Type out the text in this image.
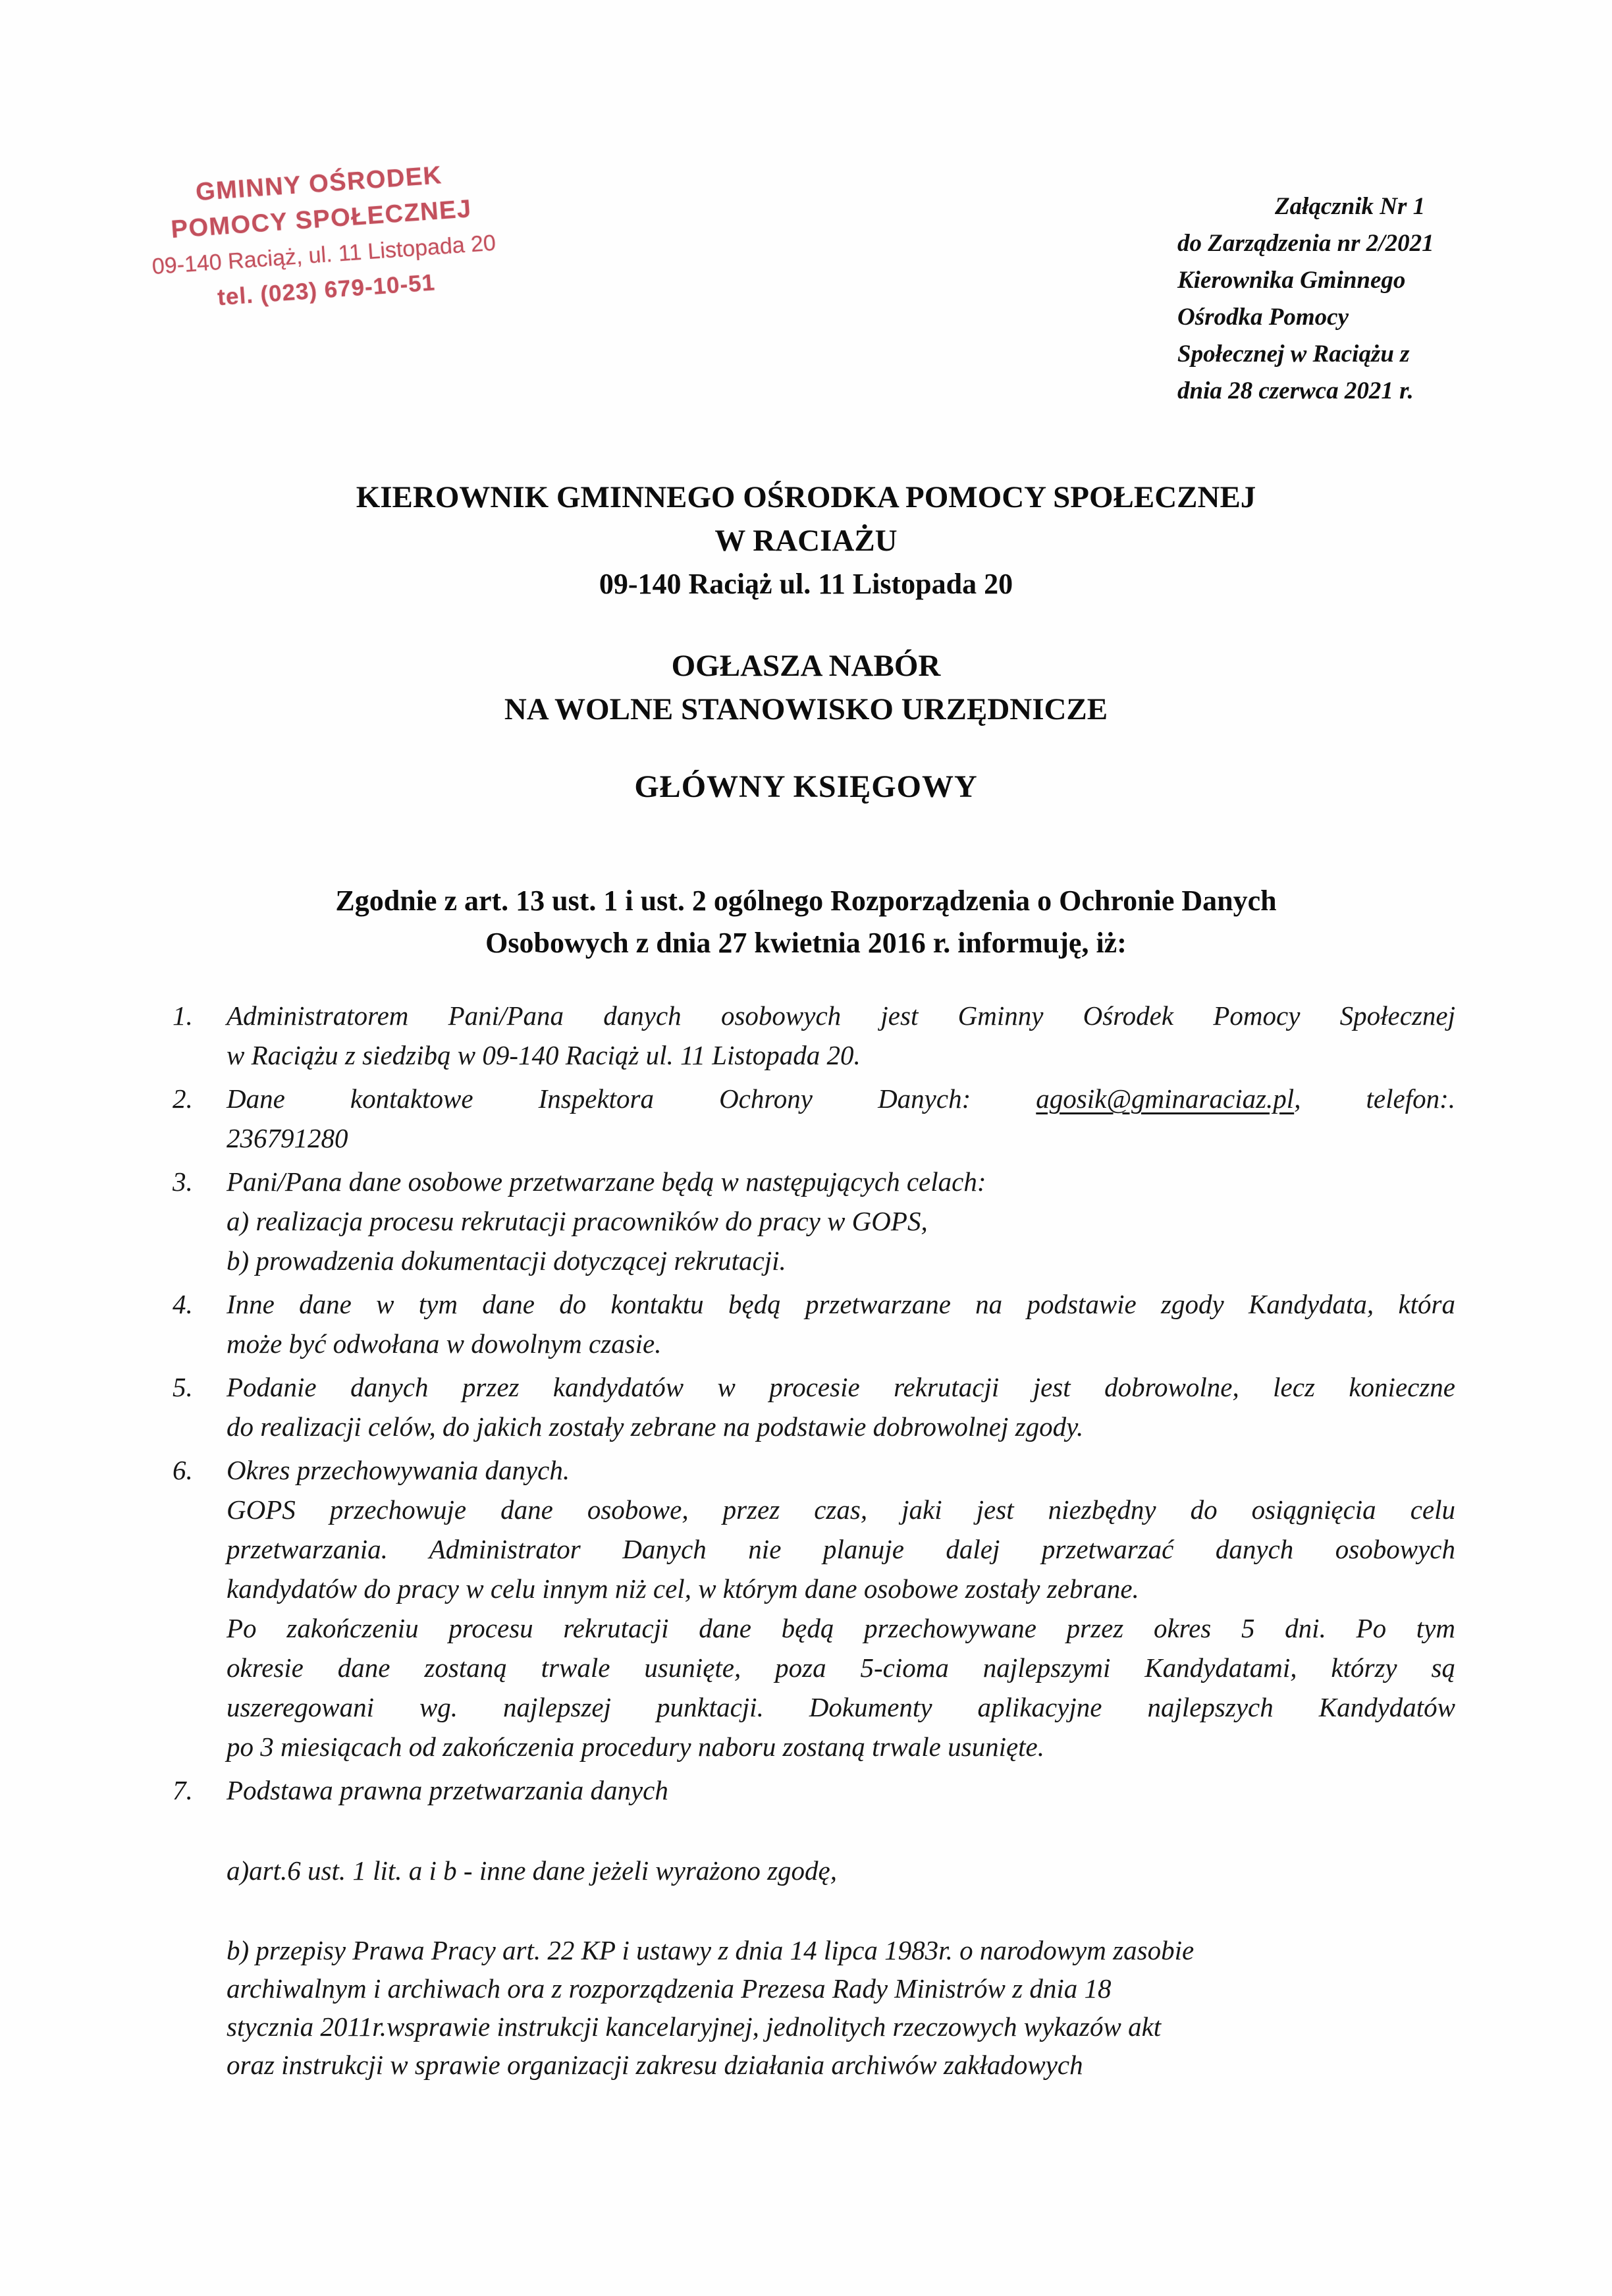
GMINNY OŚRODEK
POMOCY SPOŁECZNEJ
09-140 Raciąż, ul. 11 Listopada 20
tel. (023) 679-10-51
Załącznik Nr 1
do Zarządzenia nr 2/2021
Kierownika Gminnego
Ośrodka Pomocy
Społecznej w Raciążu z
dnia 28 czerwca 2021 r.
KIEROWNIK GMINNEGO OŚRODKA POMOCY SPOŁECZNEJ
W RACIAŻU
09-140 Raciąż ul. 11 Listopada 20
OGŁASZA NABÓR
NA WOLNE STANOWISKO URZĘDNICZE
GŁÓWNY KSIĘGOWY
Zgodnie z art. 13 ust. 1 i ust. 2 ogólnego Rozporządzenia o Ochronie Danych
Osobowych z dnia 27 kwietnia 2016 r. informuję, iż:
1.	Administratorem Pani/Pana danych osobowych jest Gminny Ośrodek Pomocy Społecznej
w Raciążu z siedzibą w 09-140 Raciąż ul. 11 Listopada 20.
2.	Dane kontaktowe Inspektora Ochrony Danych: agosik@gminaraciaz.pl, telefon:.
236791280
3.	Pani/Pana dane osobowe przetwarzane będą w następujących celach:
a) realizacja procesu rekrutacji pracowników do pracy w GOPS,
b) prowadzenia dokumentacji dotyczącej rekrutacji.
4.	Inne dane w tym dane do kontaktu będą przetwarzane na podstawie zgody Kandydata, która
może być odwołana w dowolnym czasie.
5.	Podanie danych przez kandydatów w procesie rekrutacji jest dobrowolne, lecz konieczne
do realizacji celów, do jakich zostały zebrane na podstawie dobrowolnej zgody.
6.	Okres przechowywania danych.
GOPS przechowuje dane osobowe, przez czas, jaki jest niezbędny do osiągnięcia celu
przetwarzania. Administrator Danych nie planuje dalej przetwarzać danych osobowych
kandydatów do pracy w celu innym niż cel, w którym dane osobowe zostały zebrane.
Po zakończeniu procesu rekrutacji dane będą przechowywane przez okres 5 dni. Po tym
okresie dane zostaną trwale usunięte, poza 5-cioma najlepszymi Kandydatami, którzy są
uszeregowani wg. najlepszej punktacji. Dokumenty aplikacyjne najlepszych Kandydatów
po 3 miesiącach od zakończenia procedury naboru zostaną trwale usunięte.
7.	Podstawa prawna przetwarzania danych
a)art.6 ust. 1 lit. a i b - inne dane jeżeli wyrażono zgodę,
b) przepisy Prawa Pracy art. 22 KP i ustawy z dnia 14 lipca 1983r. o narodowym zasobie
archiwalnym i archiwach ora z rozporządzenia Prezesa Rady Ministrów z dnia 18
stycznia 2011r.wsprawie instrukcji kancelaryjnej, jednolitych rzeczowych wykazów akt
oraz instrukcji w sprawie organizacji zakresu działania archiwów zakładowych
